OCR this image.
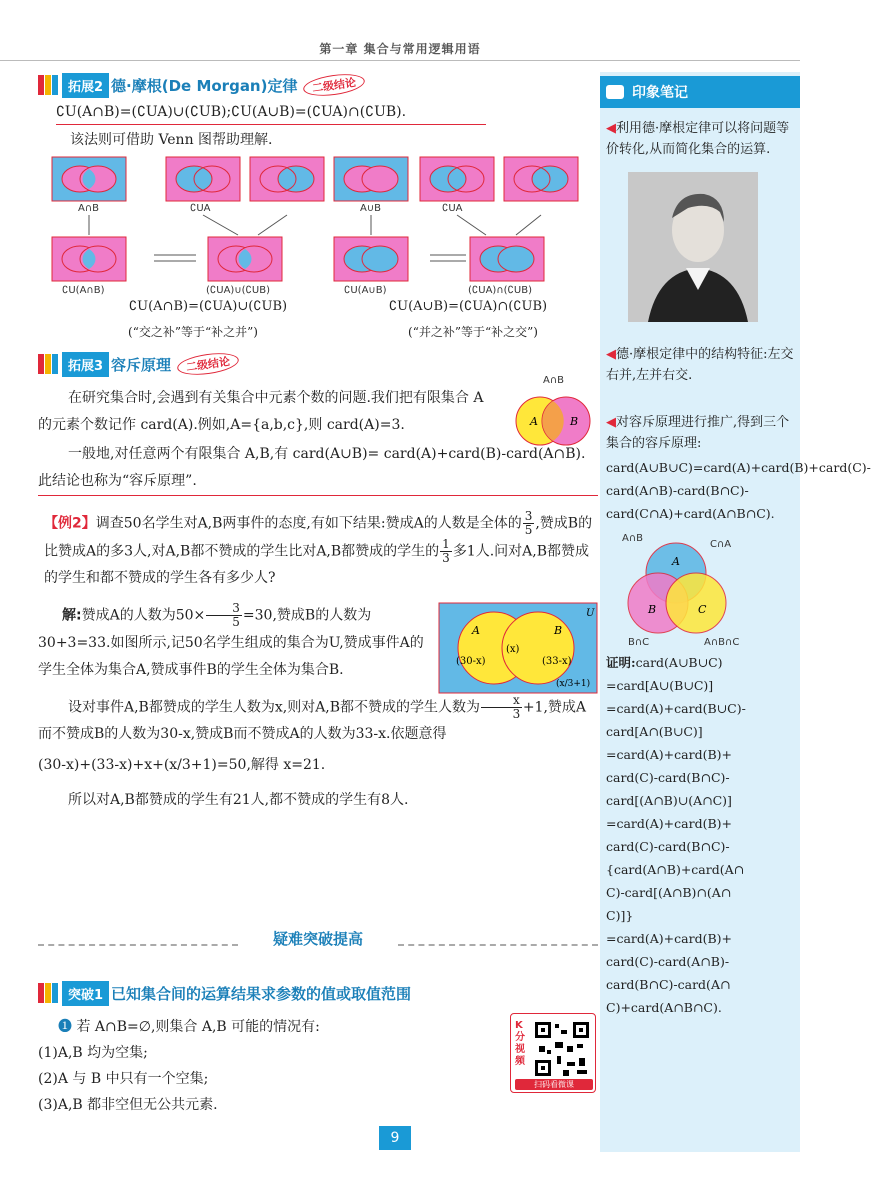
第一章 集合与常用逻辑用语
拓展2 德·摩根(De Morgan)定律	二级结论
∁U(A∩B)=(∁UA)∪(∁UB);∁U(A∪B)=(∁UA)∩(∁UB).
该法则可借助 Venn 图帮助理解.
A∩B	∁UA	A∪B	∁UA
∁U(A∩B)	(∁UA)∪(∁UB)	∁U(A∪B)	(∁UA)∩(∁UB)
∁U(A∩B)=(∁UA)∪(∁UB)	∁U(A∪B)=(∁UA)∩(∁UB)
(“交之补”等于“补之并”)	(“并之补”等于“补之交”)
拓展3 容斥原理	二级结论
A	B
A∩B
在研究集合时,会遇到有关集合中元素个数的问题.我们把有限集合 A 的元素个数记作 card(A).例如,A={a,b,c},则 card(A)=3.
一般地,对任意两个有限集合 A,B,有 card(A∪B)= card(A)+card(B)-card(A∩B).此结论也称为“容斥原理”.
【例2】调查50名学生对A,B两事件的态度,有如下结果:赞成A的人数是全体的 $\frac{3}{5}$ ,赞成B的比赞成A的多3人,对A,B都不赞成的学生比对A,B都赞成的学生的 $\frac{1}{3}$ 多1人.问对A,B都赞成的学生和都不赞成的学生各有多少人?
A	B
U
(30-x)
(x)
(33-x)
(x/3+1)
解:赞成A的人数为$50\times \frac{3}{5} =30$,赞成B的人数为30+3=33.如图所示,记50名学生组成的集合为U,赞成事件A的学生全体为集合A,赞成事件B的学生全体为集合B.
设对事件A,B都赞成的学生人数为x,则对A,B都不赞成的学生人数为 $\frac{x}{3} +1$,赞成A而不赞成B的人数为30-x,赞成B而不赞成A的人数为33-x.依题意得
(30-x)+(33-x)+x+(x/3+1)=50,解得 x=21.
所以对A,B都赞成的学生有21人,都不赞成的学生有8人.
疑难突破提高
突破1 已知集合间的运算结果求参数的值或取值范围
❶ 若 A∩B=∅,则集合 A,B 可能的情况有:
(1)A,B 均为空集;
(2)A 与 B 中只有一个空集;
(3)A,B 都非空但无公共元素.
K分视频
扫码看微课
印象笔记
◀利用德·摩根定律可以将问题等价转化,从而简化集合的运算.
◀德·摩根定律中的结构特征:左交右并,左并右交.
◀对容斥原理进行推广,得到三个集合的容斥原理:
card(A∪B∪C)=card(A)+card(B)+card(C)-card(A∩B)-card(B∩C)-card(C∩A)+card(A∩B∩C).
A
B	C
A∩B
C∩A
B∩C	A∩B∩C
证明:card(A∪B∪C)
=card[A∪(B∪C)]
=card(A)+card(B∪C)-
card[A∩(B∪C)]
=card(A)+card(B)+
card(C)-card(B∩C)-
card[(A∩B)∪(A∩C)]
=card(A)+card(B)+
card(C)-card(B∩C)-
{card(A∩B)+card(A∩
C)-card[(A∩B)∩(A∩
C)]}
=card(A)+card(B)+
card(C)-card(A∩B)-
card(B∩C)-card(A∩
C)+card(A∩B∩C).
9
